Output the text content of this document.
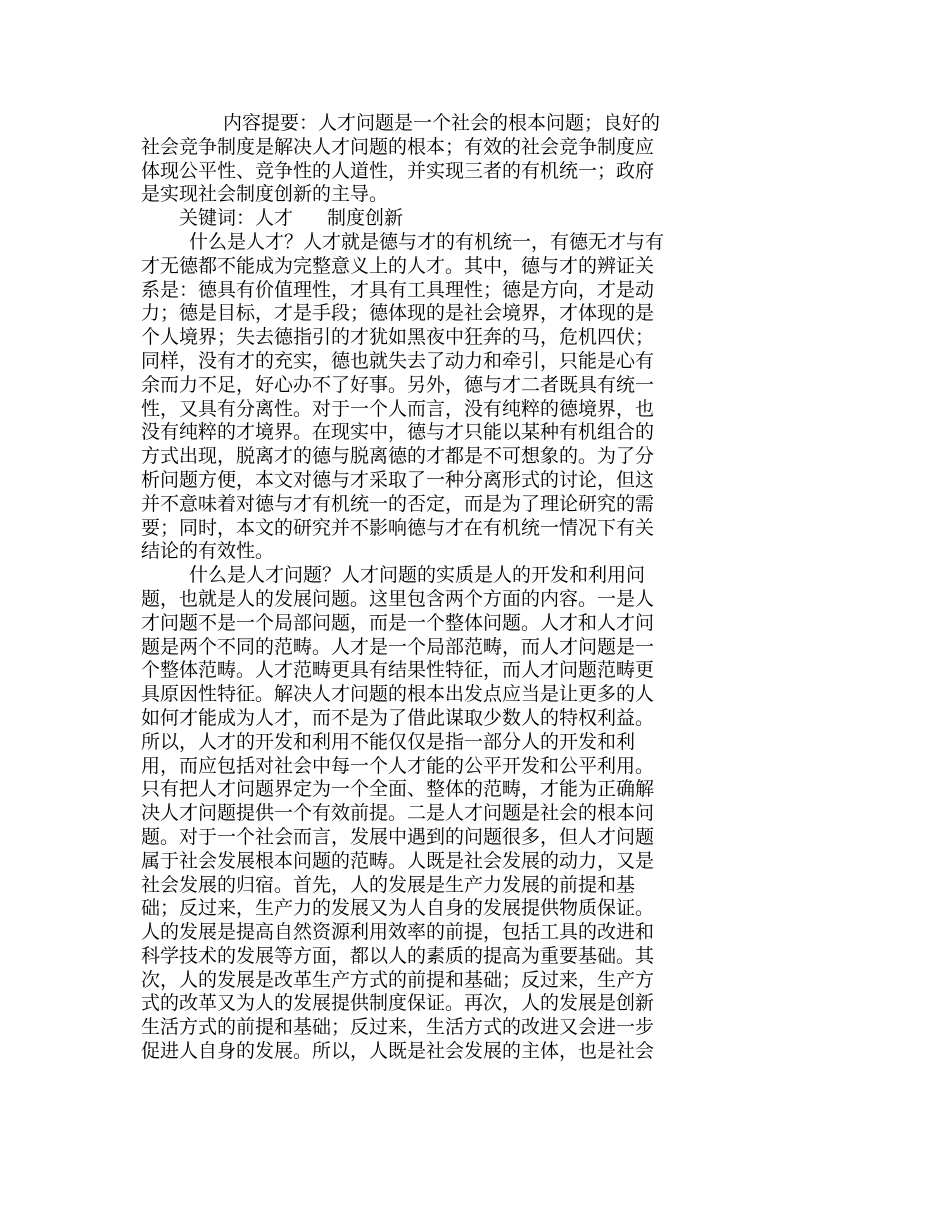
内容提要：人才问题是一个社会的根本问题；良好的
社会竞争制度是解决人才问题的根本；有效的社会竞争制度应
体现公平性、竞争性的人道性，并实现三者的有机统一；政府
是实现社会制度创新的主导。
关键词：人才 制度创新
什么是人才？人才就是德与才的有机统一，有德无才与有
才无德都不能成为完整意义上的人才。其中，德与才的辨证关
系是：德具有价值理性，才具有工具理性；德是方向，才是动
力；德是目标，才是手段；德体现的是社会境界，才体现的是
个人境界；失去德指引的才犹如黑夜中狂奔的马，危机四伏；
同样，没有才的充实，德也就失去了动力和牵引，只能是心有
余而力不足，好心办不了好事。另外，德与才二者既具有统一
性，又具有分离性。对于一个人而言，没有纯粹的德境界，也
没有纯粹的才境界。在现实中，德与才只能以某种有机组合的
方式出现，脱离才的德与脱离德的才都是不可想象的。为了分
析问题方便，本文对德与才采取了一种分离形式的讨论，但这
并不意味着对德与才有机统一的否定，而是为了理论研究的需
要；同时，本文的研究并不影响德与才在有机统一情况下有关
结论的有效性。
什么是人才问题？人才问题的实质是人的开发和利用问
题，也就是人的发展问题。这里包含两个方面的内容。一是人
才问题不是一个局部问题，而是一个整体问题。人才和人才问
题是两个不同的范畴。人才是一个局部范畴，而人才问题是一
个整体范畴。人才范畴更具有结果性特征，而人才问题范畴更
具原因性特征。解决人才问题的根本出发点应当是让更多的人
如何才能成为人才，而不是为了借此谋取少数人的特权利益。
所以，人才的开发和利用不能仅仅是指一部分人的开发和利
用，而应包括对社会中每一个人才能的公平开发和公平利用。
只有把人才问题界定为一个全面、整体的范畴，才能为正确解
决人才问题提供一个有效前提。二是人才问题是社会的根本问
题。对于一个社会而言，发展中遇到的问题很多，但人才问题
属于社会发展根本问题的范畴。人既是社会发展的动力，又是
社会发展的归宿。首先，人的发展是生产力发展的前提和基
础；反过来，生产力的发展又为人自身的发展提供物质保证。
人的发展是提高自然资源利用效率的前提，包括工具的改进和
科学技术的发展等方面，都以人的素质的提高为重要基础。其
次，人的发展是改革生产方式的前提和基础；反过来，生产方
式的改革又为人的发展提供制度保证。再次，人的发展是创新
生活方式的前提和基础；反过来，生活方式的改进又会进一步
促进人自身的发展。所以，人既是社会发展的主体，也是社会
